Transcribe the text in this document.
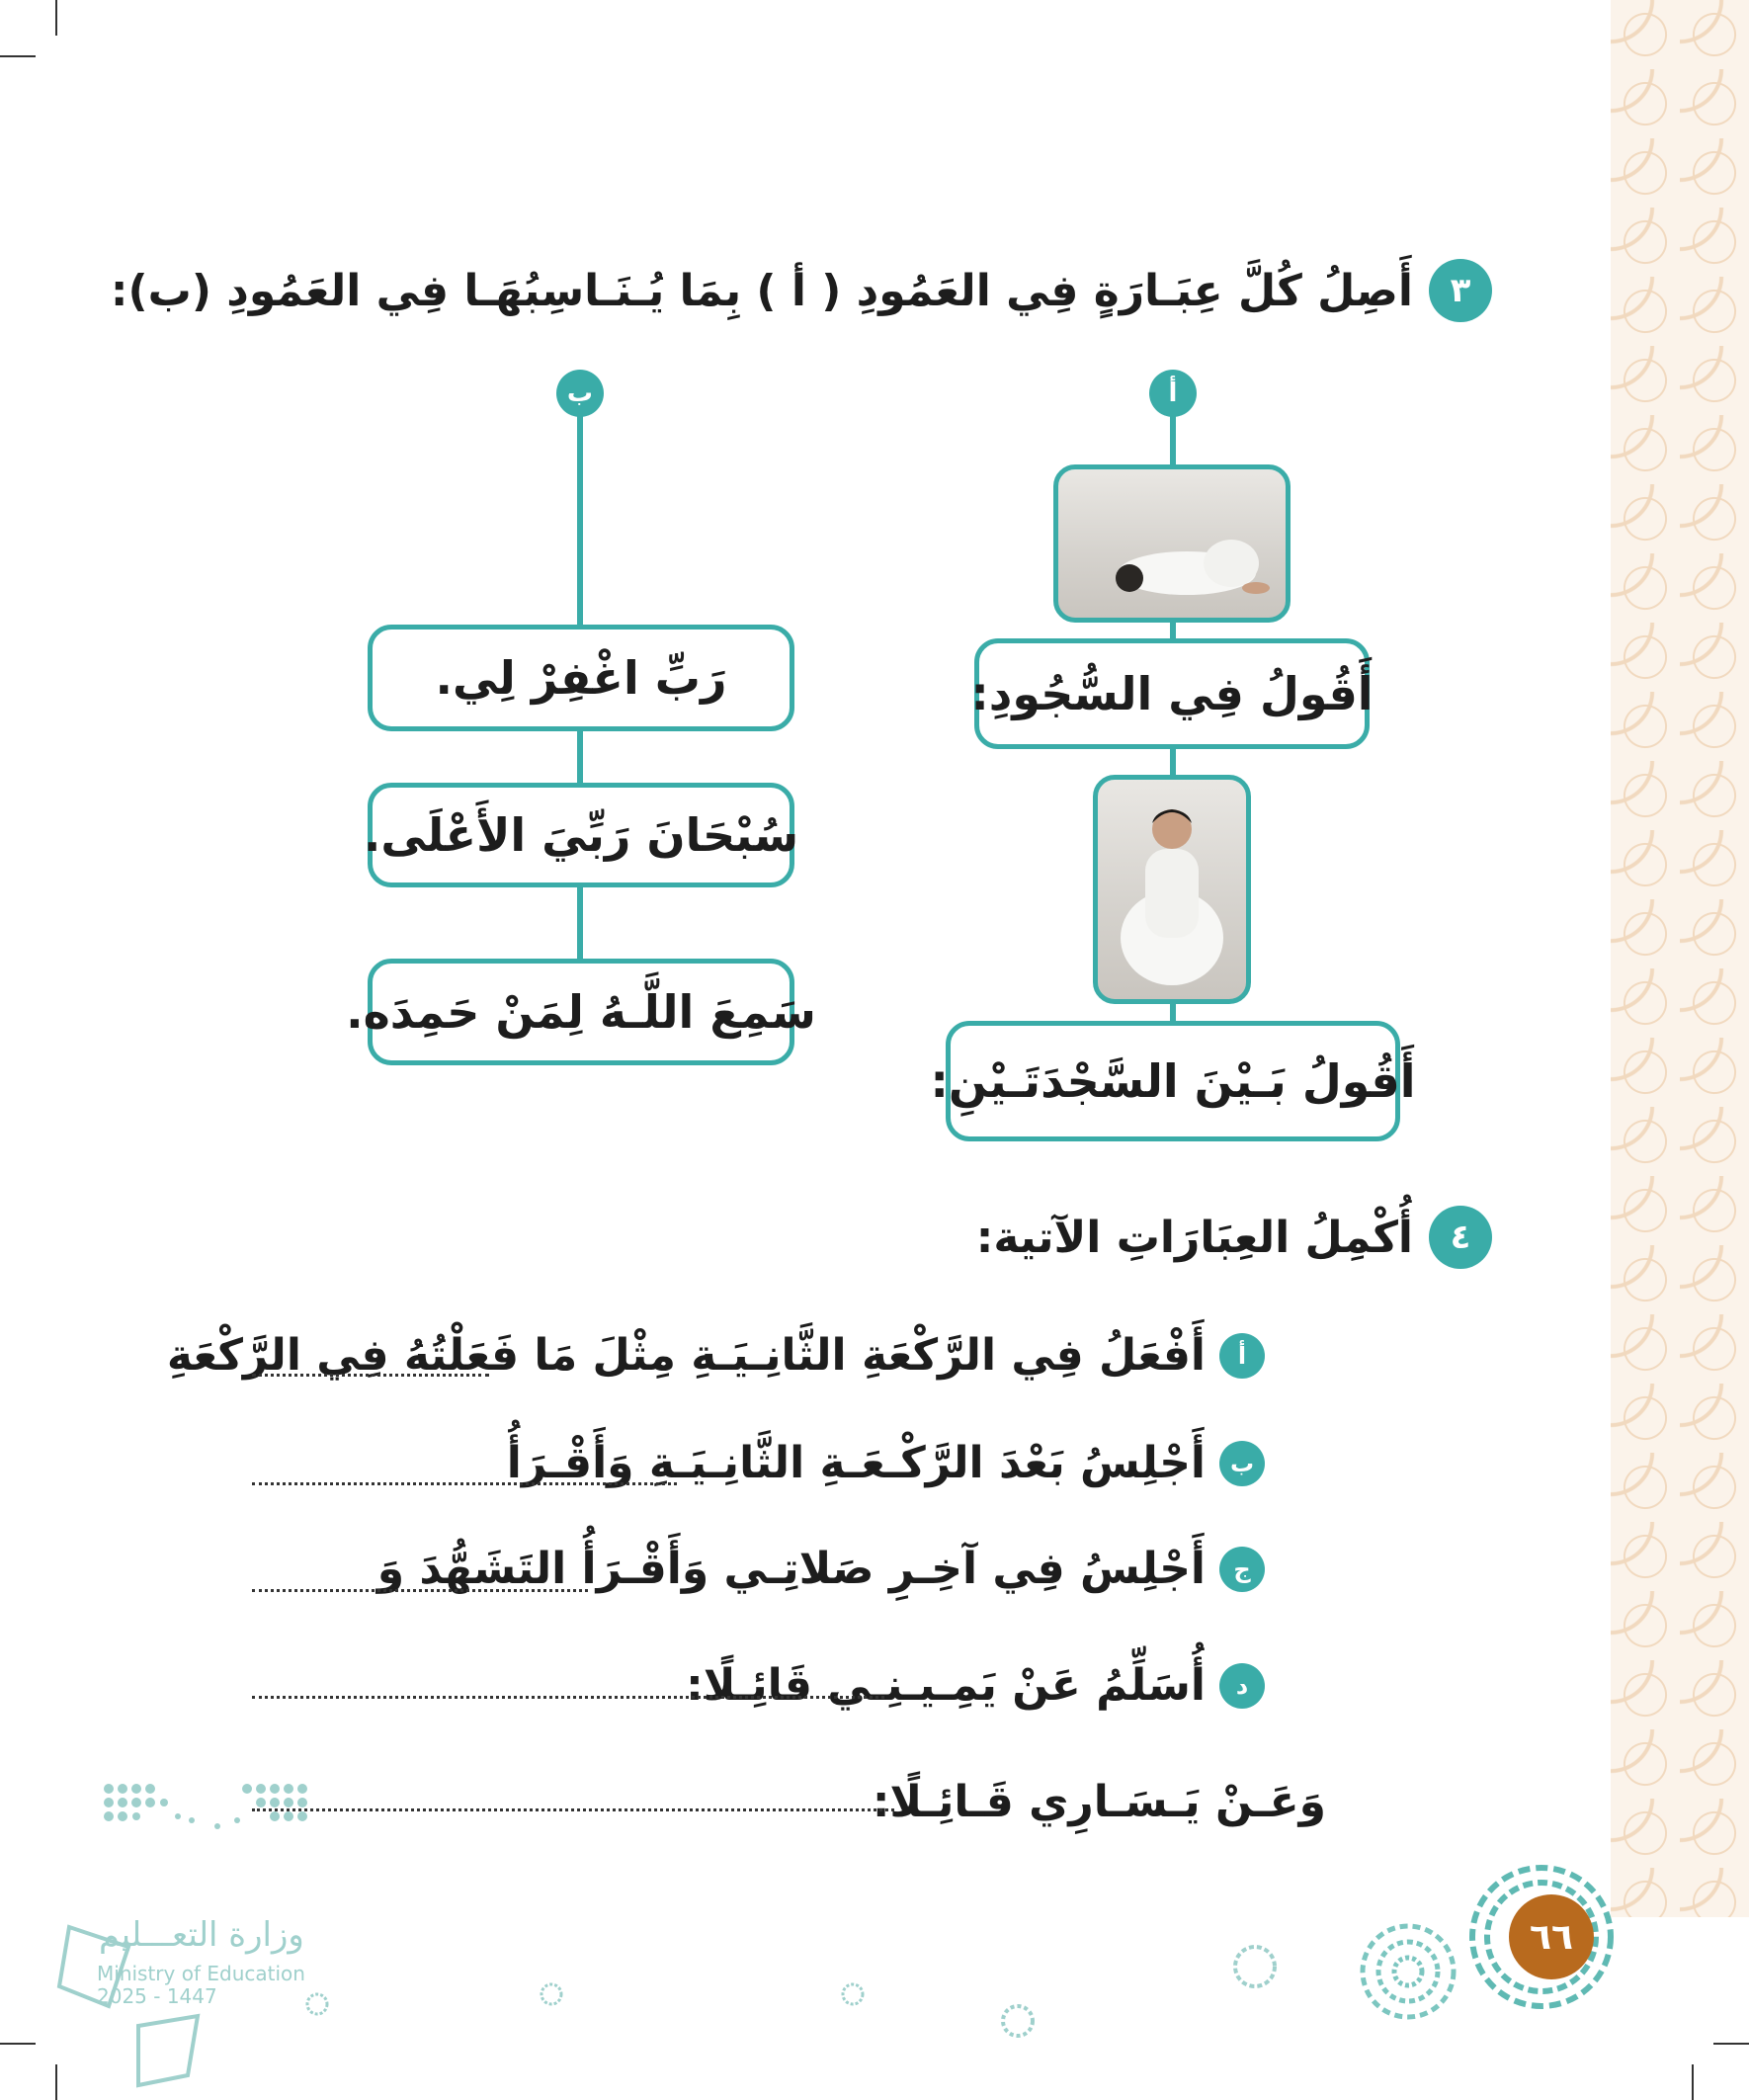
٣
أَصِلُ كُلَّ عِبَـارَةٍ فِي العَمُودِ ( أ ) بِمَا يُـنَـاسِبُهَـا فِي العَمُودِ (ب):
أ
ب
أَقُولُ فِي السُّجُودِ:
أَقُولُ بَـيْنَ السَّجْدَتَـيْنِ:
رَبِّ اغْفِرْ لِي.
سُبْحَانَ رَبِّيَ الأَعْلَى.
سَمِعَ اللَّـهُ لِمَنْ حَمِدَه.
٤
أُكْمِلُ العِبَارَاتِ الآتية:
أ
أَفْعَلُ فِي الرَّكْعَةِ الثَّانِـيَـةِ مِثْلَ مَا فَعَلْتُهُ فِي الرَّكْعَةِ
ب
أَجْلِسُ بَعْدَ الرَّكْـعَـةِ الثَّانِـيَـةِ وَأَقْـرَأُ
ج
أَجْلِسُ فِي آخِـرِ صَلاتِـي وَأَقْـرَأُ التَشَهُّدَ وَ
د
أُسَلِّمُ عَنْ يَمِـيـنِـي قَائِـلًا:
وَعَـنْ يَـسَـارِي قَـائِـلًا:
وزارة التعـــليم
Ministry of Education
2025 - 1447
٦٦
